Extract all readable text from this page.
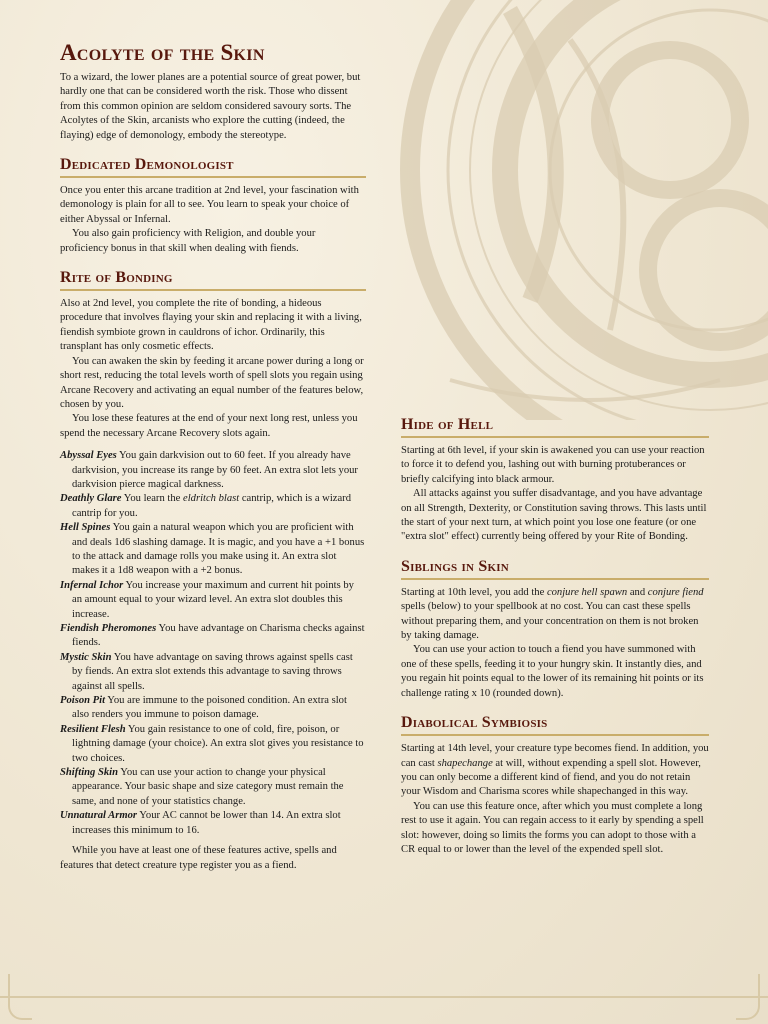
Acolyte of the Skin

To a wizard, the lower planes are a potential source of great power, but hardly one that can be considered worth the risk. Those who dissent from this common opinion are seldom considered savoury sorts. The Acolytes of the Skin, arcanists who explore the cutting (indeed, the flaying) edge of demonology, embody the stereotype.

Dedicated Demonologist

Once you enter this arcane tradition at 2nd level, your fascination with demonology is plain for all to see. You learn to speak your choice of either Abyssal or Infernal.

You also gain proficiency with Religion, and double your proficiency bonus in that skill when dealing with fiends.

Rite of Bonding

Also at 2nd level, you complete the rite of bonding, a hideous procedure that involves flaying your skin and replacing it with a living, fiendish symbiote grown in cauldrons of ichor. Ordinarily, this transplant has only cosmetic effects.

You can awaken the skin by feeding it arcane power during a long or short rest, reducing the total levels worth of spell slots you regain using Arcane Recovery and activating an equal number of the features below, chosen by you.

You lose these features at the end of your next long rest, unless you spend the necessary Arcane Recovery slots again.

Abyssal Eyes You gain darkvision out to 60 feet. If you already have darkvision, you increase its range by 60 feet. An extra slot lets your darkvision pierce magical darkness.

Deathly Glare You learn the eldritch blast cantrip, which is a wizard cantrip for you.

Hell Spines You gain a natural weapon which you are proficient with and deals 1d6 slashing damage. It is magic, and you have a +1 bonus to the attack and damage rolls you make using it. An extra slot makes it a 1d8 weapon with a +2 bonus.

Infernal Ichor You increase your maximum and current hit points by an amount equal to your wizard level. An extra slot doubles this increase.

Fiendish Pheromones You have advantage on Charisma checks against fiends.

Mystic Skin You have advantage on saving throws against spells cast by fiends. An extra slot extends this advantage to saving throws against all spells.

Poison Pit You are immune to the poisoned condition. An extra slot also renders you immune to poison damage.

Resilient Flesh You gain resistance to one of cold, fire, poison, or lightning damage (your choice). An extra slot gives you resistance to two choices.

Shifting Skin You can use your action to change your physical appearance. Your basic shape and size category must remain the same, and none of your statistics change.

Unnatural Armor Your AC cannot be lower than 14. An extra slot increases this minimum to 16.

While you have at least one of these features active, spells and features that detect creature type register you as a fiend.

Hide of Hell

Starting at 6th level, if your skin is awakened you can use your reaction to force it to defend you, lashing out with burning protuberances or briefly calcifying into black armour.

All attacks against you suffer disadvantage, and you have advantage on all Strength, Dexterity, or Constitution saving throws. This lasts until the start of your next turn, at which point you lose one feature (or one "extra slot" effect) currently being offered by your Rite of Bonding.

Siblings in Skin

Starting at 10th level, you add the conjure hell spawn and conjure fiend spells (below) to your spellbook at no cost. You can cast these spells without preparing them, and your concentration on them is not broken by taking damage.

You can use your action to touch a fiend you have summoned with one of these spells, feeding it to your hungry skin. It instantly dies, and you regain hit points equal to the lower of its remaining hit points or its challenge rating x 10 (rounded down).

Diabolical Symbiosis

Starting at 14th level, your creature type becomes fiend. In addition, you can cast shapechange at will, without expending a spell slot. However, you can only become a different kind of fiend, and you do not retain your Wisdom and Charisma scores while shapechanged in this way.

You can use this feature once, after which you must complete a long rest to use it again. You can regain access to it early by spending a spell slot: however, doing so limits the forms you can adopt to those with a CR equal to or lower than the level of the expended spell slot.
